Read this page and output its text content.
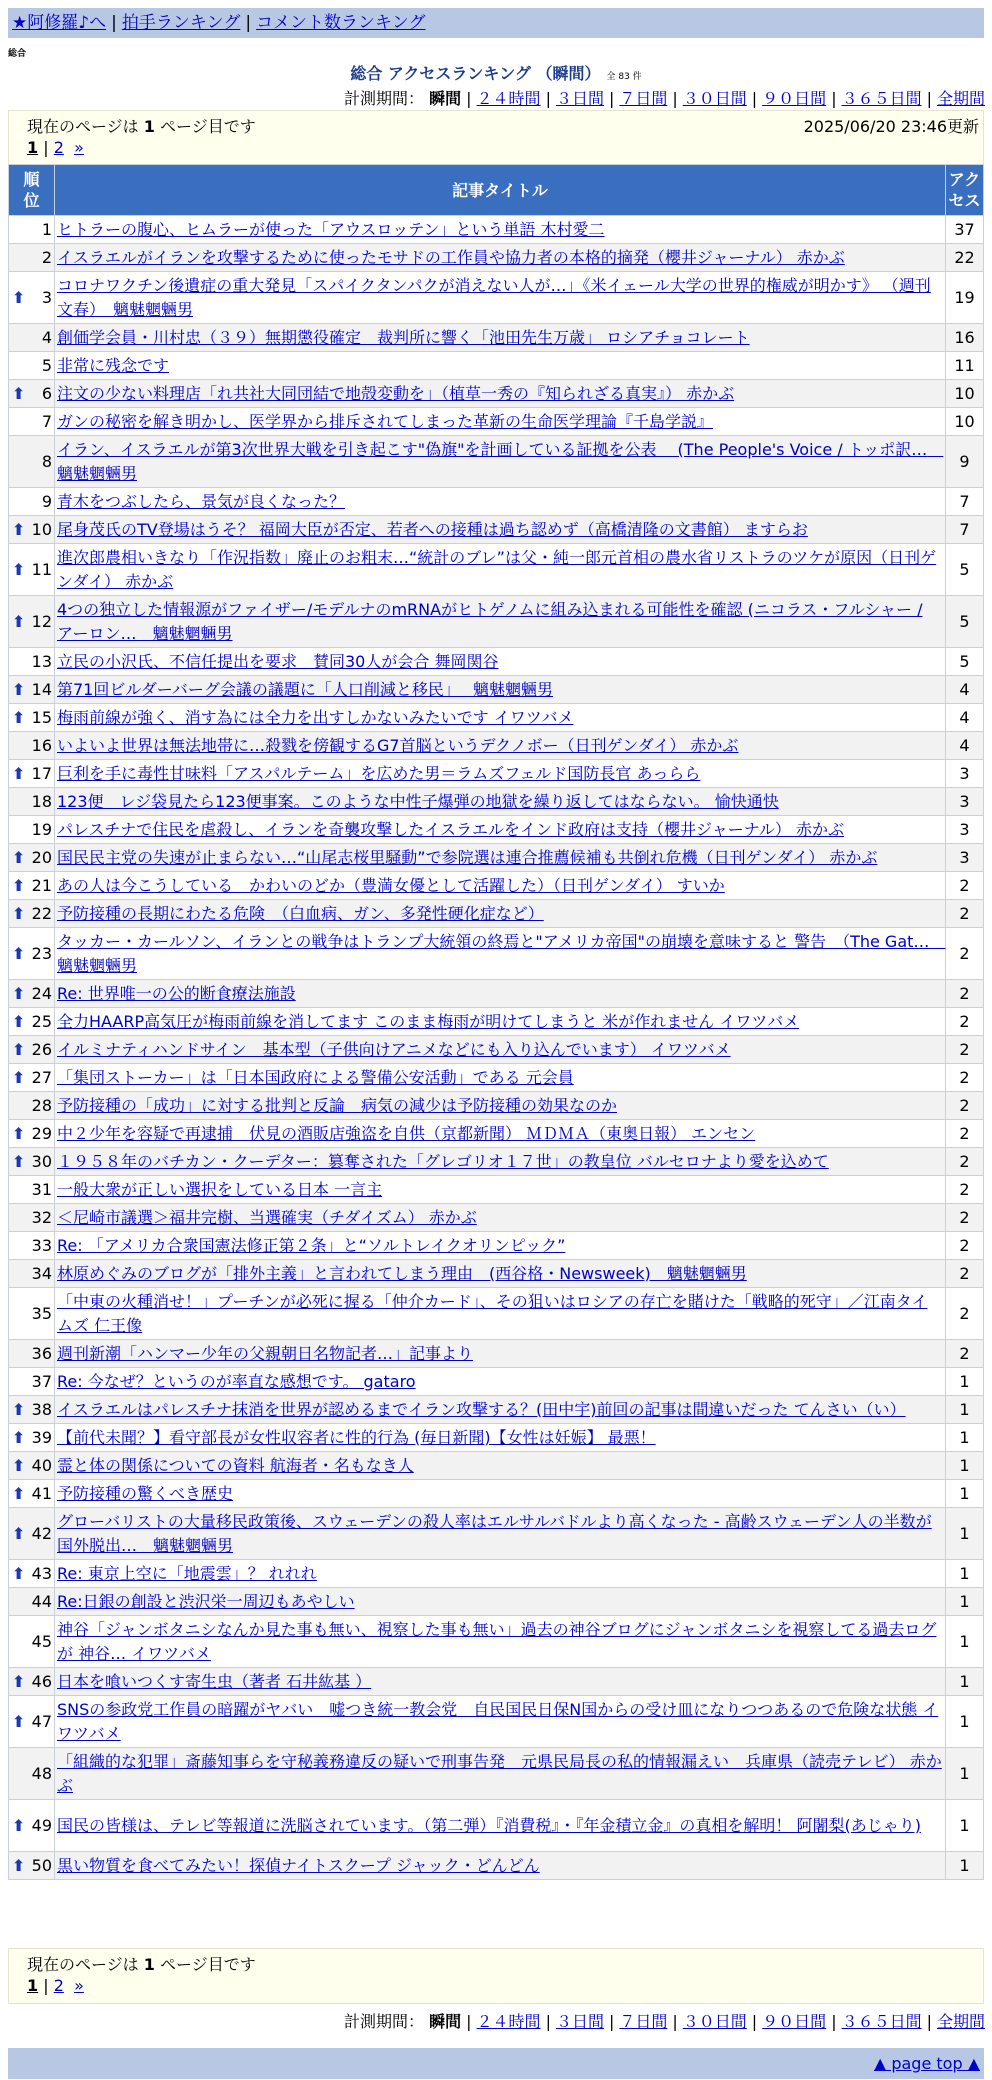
★阿修羅♪へ | 拍手ランキング | コメント数ランキング
総合
総合 アクセスランキング （瞬間） 全 83 件
計測期間： 瞬間 | ２４時間 | ３日間 | ７日間 | ３０日間 | ９０日間 | ３６５日間 | 全期間
現在のページは 1 ページ目です	2025/06/20 23:46更新
1 | 2 »
順位	記事タイトル	アクセス

1	ヒトラーの腹心、ヒムラーが使った「アウスロッテン」という単語 木村愛二	37
2	イスラエルがイランを攻撃するために使ったモサドの工作員や協力者の本格的摘発（櫻井ジャーナル） 赤かぶ	22

⬆ 3	コロナワクチン後遺症の重大発見「スパイクタンパクが消えない人が…」《米イェール大学の世界的権威が明かす》 （週刊文春）　魑魅魍魎男	19
4	創価学会員・川村忠（３９）無期懲役確定　裁判所に響く「池田先生万歳」 ロシアチョコレート	16
5	非常に残念です	11

⬆ 6	注文の少ない料理店「れ共社大同団結で地殻変動を」（植草一秀の『知られざる真実』） 赤かぶ	10
7	ガンの秘密を解き明かし、医学界から排斥されてしまった革新の生命医学理論『千島学説』	10
8	イラン、イスラエルが第3次世界大戦を引き起こす"偽旗"を計画している証拠を公表　 (The People's Voice / トッポ訳…　魑魅魍魎男	9
9	青木をつぶしたら、景気が良くなった？	7

⬆ 10	尾身茂氏のTV登場はうそ？ 福岡大臣が否定、若者への接種は過ち認めず（高橋清隆の文書館） ますらお	7

⬆ 11	進次郎農相いきなり「作況指数」廃止のお粗末…“統計のブレ”は父・純一郎元首相の農水省リストラのツケが原因（日刊ゲンダイ） 赤かぶ	5

⬆ 12	4つの独立した情報源がファイザー/モデルナのmRNAがヒトゲノムに組み込まれる可能性を確認 (ニコラス・フルシャー / アーロン…　魑魅魍魎男	5
13	立民の小沢氏、不信任提出を要求　賛同30人が会合 舞岡関谷	5

⬆ 14	第71回ビルダーバーグ会議の議題に「人口削減と移民」　 魑魅魍魎男	4

⬆ 15	梅雨前線が強く、消す為には全力を出すしかないみたいです イワツバメ	4
16	いよいよ世界は無法地帯に…殺戮を傍観するG7首脳というデクノボー（日刊ゲンダイ） 赤かぶ	4

⬆ 17	巨利を手に毒性甘味料「アスパルテーム」を広めた男＝ラムズフェルド国防長官 あっらら	3
18	123便　レジ袋見たら123便事案。このような中性子爆弾の地獄を繰り返してはならない。 愉快通快	3
19	パレスチナで住民を虐殺し、イランを奇襲攻撃したイスラエルをインド政府は支持（櫻井ジャーナル） 赤かぶ	3

⬆ 20	国民民主党の失速が止まらない…“山尾志桜里騒動”で参院選は連合推薦候補も共倒れ危機（日刊ゲンダイ） 赤かぶ	3

⬆ 21	あの人は今こうしている　かわいのどか（豊満女優として活躍した）（日刊ゲンダイ） すいか	2

⬆ 22	予防接種の長期にわたる危険　（白血病、ガン、多発性硬化症など）	2

⬆ 23	タッカー・カールソン、イランとの戦争はトランプ大統領の終焉と"アメリカ帝国"の崩壊を意味すると 警告　（The Gat…　魑魅魍魎男	2

⬆ 24	Re: 世界唯一の公的断食療法施設	2

⬆ 25	全力HAARP高気圧が梅雨前線を消してます このまま梅雨が明けてしまうと 米が作れません イワツバメ	2

⬆ 26	イルミナティハンドサイン　基本型（子供向けアニメなどにも入り込んでいます） イワツバメ	2

⬆ 27	「集団ストーカー」は「日本国政府による警備公安活動」である 元会員	2
28	予防接種の「成功」に対する批判と反論　病気の減少は予防接種の効果なのか	2

⬆ 29	中２少年を容疑で再逮捕　伏見の酒販店強盗を自供（京都新聞） ＭＤＭＡ（東奥日報） エンセン	2

⬆ 30	１９５８年のバチカン・クーデター：篡奪された「グレゴリオ１７世」の教皇位 バルセロナより愛を込めて	2
31	一般大衆が正しい選択をしている日本 一言主	2
32	＜尼崎市議選＞福井完樹、当選確実（チダイズム） 赤かぶ	2
33	Re: 「アメリカ合衆国憲法修正第２条」と“ソルトレイクオリンピック”	2
34	林原めぐみのブログが「排外主義」と言われてしまう理由　(西谷格・Newsweek)　魑魅魍魎男	2
35	「中東の火種消せ！」プーチンが必死に握る「仲介カード」、その狙いはロシアの存亡を賭けた「戦略的死守」／江南タイムズ 仁王像	2
36	週刊新潮「ハンマー少年の父親朝日名物記者…」記事より	2
37	Re: 今なぜ？というのが率直な感想です。 gataro	1

⬆ 38	イスラエルはパレスチナ抹消を世界が認めるまでイラン攻撃する？(田中宇)前回の記事は間違いだった てんさい（い）	1

⬆ 39	【前代未聞？】看守部長が女性収容者に性的行為 (毎日新聞)【女性は妊娠】 最悪！	1

⬆ 40	霊と体の関係についての資料 航海者・名もなき人	1

⬆ 41	予防接種の驚くべき歴史	1

⬆ 42	グローバリストの大量移民政策後、スウェーデンの殺人率はエルサルバドルより高くなった - 高齢スウェーデン人の半数が国外脱出…　魑魅魍魎男	1

⬆ 43	Re: 東京上空に「地震雲」？ れれれ	1
44	Re:日銀の創設と渋沢栄一周辺もあやしい	1
45	神谷「ジャンボタニシなんか見た事も無い、視察した事も無い」過去の神谷ブログにジャンボタニシを視察してる過去ログが 神谷… イワツバメ	1

⬆ 46	日本を喰いつくす寄生虫（著者 石井紘基 ）	1

⬆ 47	SNSの参政党工作員の暗躍がヤバい　嘘つき統一教会党　自民国民日保N国からの受け皿になりつつあるので危険な状態 イワツバメ	1
48	「組織的な犯罪」斎藤知事らを守秘義務違反の疑いで刑事告発　元県民局長の私的情報漏えい　兵庫県（読売テレビ） 赤かぶ	1

⬆ 49	国民の皆様は、テレビ等報道に洗脳されています。（第二弾）『消費税』・『年金積立金』の真相を解明！ 阿闍梨(あじゃり)	1

⬆ 50	黒い物質を食べてみたい！探偵ナイトスクープ ジャック・どんどん	1
現在のページは 1 ページ目です
1 | 2 »
計測期間： 瞬間 | ２４時間 | ３日間 | ７日間 | ３０日間 | ９０日間 | ３６５日間 | 全期間
▲ page top ▲
